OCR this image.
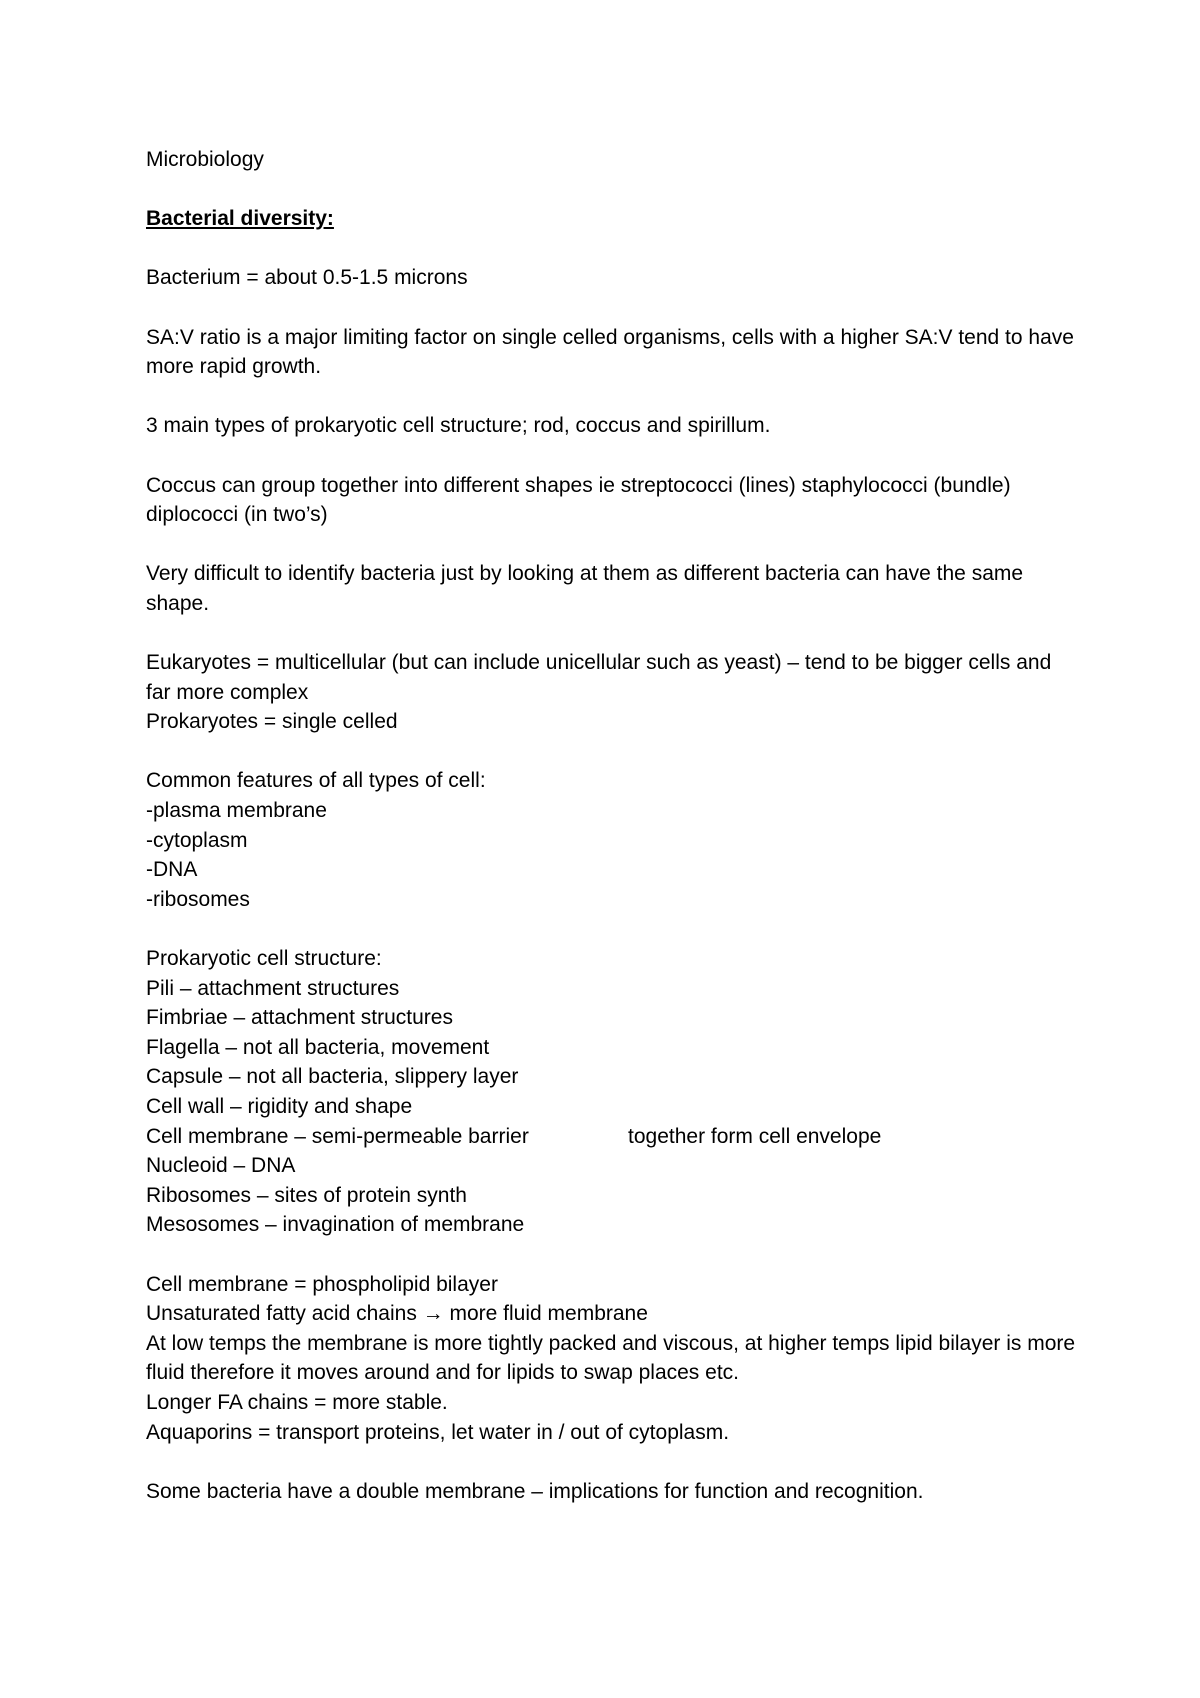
Microbiology

Bacterial diversity:

Bacterium = about 0.5-1.5 microns

SA:V ratio is a major limiting factor on single celled organisms, cells with a higher SA:V tend to have more rapid growth.

3 main types of prokaryotic cell structure; rod, coccus and spirillum.

Coccus can group together into different shapes ie streptococci (lines) staphylococci (bundle) diplococci (in two’s)

Very difficult to identify bacteria just by looking at them as different bacteria can have the same shape.

Eukaryotes = multicellular (but can include unicellular such as yeast) – tend to be bigger cells and far more complex

Prokaryotes = single celled

Common features of all types of cell:
-plasma membrane
-cytoplasm
-DNA
-ribosomes

Prokaryotic cell structure:
Pili – attachment structures
Fimbriae – attachment structures
Flagella – not all bacteria, movement
Capsule – not all bacteria, slippery layer
Cell wall – rigidity and shape
Cell membrane – semi-permeable barrier	together form cell envelope
Nucleoid – DNA
Ribosomes – sites of protein synth
Mesosomes – invagination of membrane

Cell membrane = phospholipid bilayer
Unsaturated fatty acid chains → more fluid membrane
At low temps the membrane is more tightly packed and viscous, at higher temps lipid bilayer is more fluid therefore it moves around and for lipids to swap places etc.
Longer FA chains = more stable.
Aquaporins = transport proteins, let water in / out of cytoplasm.

Some bacteria have a double membrane – implications for function and recognition.
